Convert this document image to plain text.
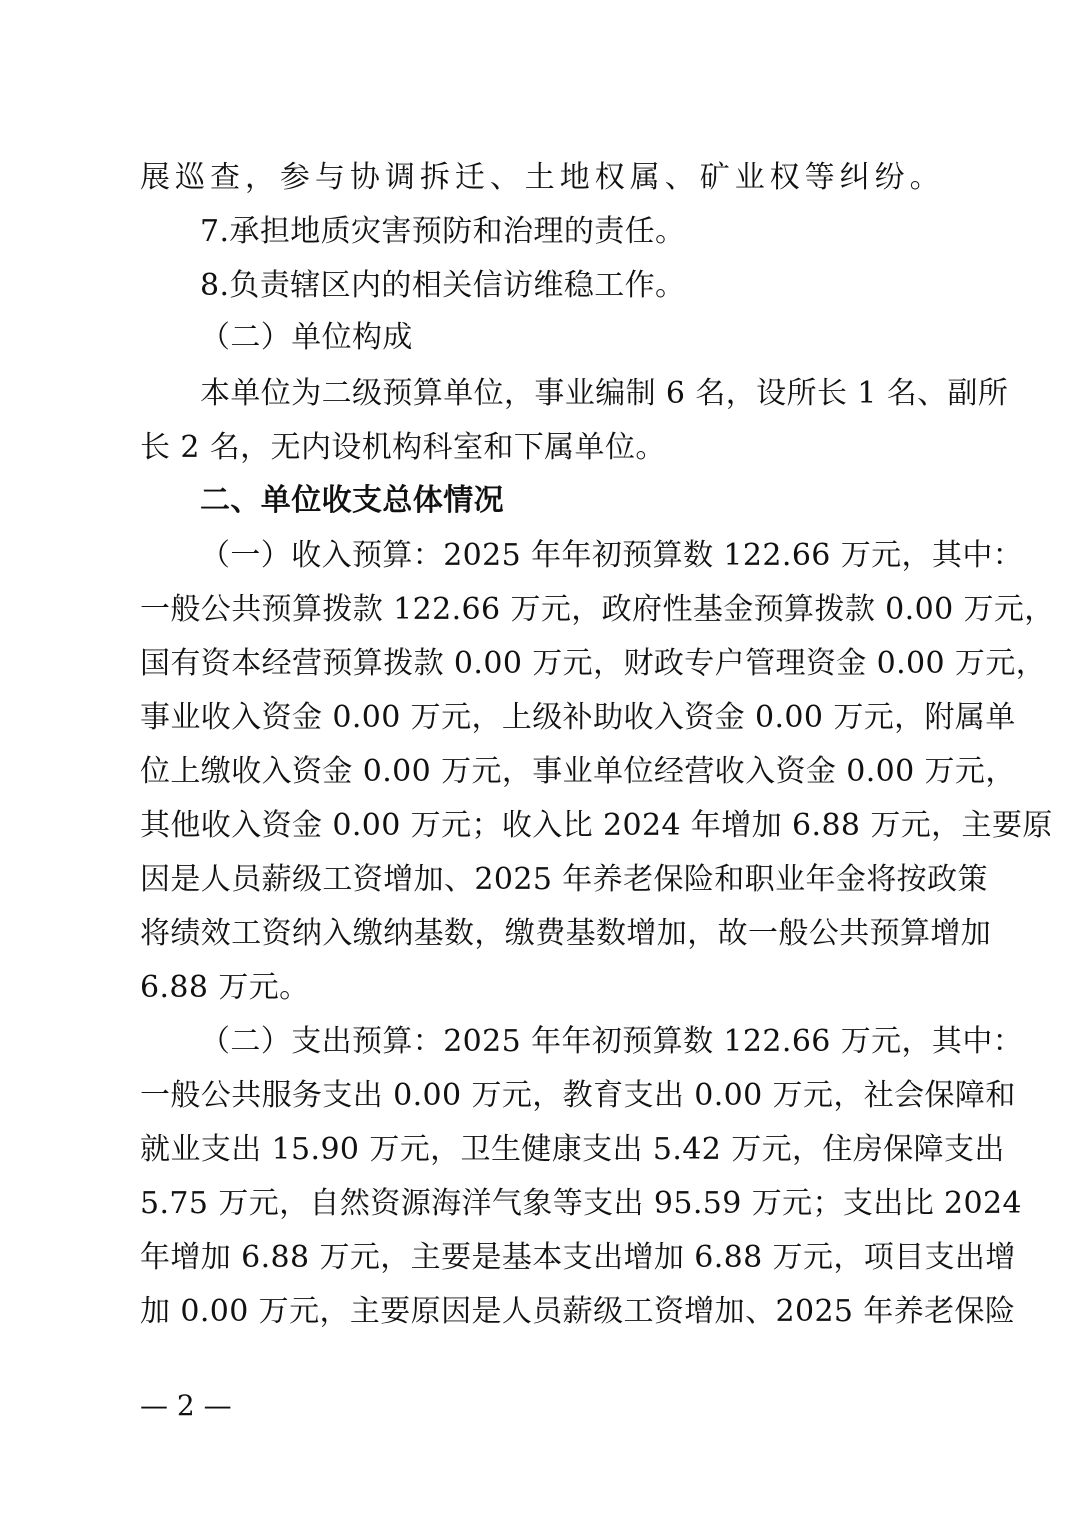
展巡查，参与协调拆迁、土地权属、矿业权等纠纷。
7.承担地质灾害预防和治理的责任。
8.负责辖区内的相关信访维稳工作。
（二）单位构成
本单位为二级预算单位，事业编制 6 名，设所长 1 名、副所
长 2 名，无内设机构科室和下属单位。
二、单位收支总体情况
（一）收入预算：2025 年年初预算数 122.66 万元，其中：
一般公共预算拨款 122.66 万元，政府性基金预算拨款 0.00 万元，
国有资本经营预算拨款 0.00 万元，财政专户管理资金 0.00 万元，
事业收入资金 0.00 万元，上级补助收入资金 0.00 万元，附属单
位上缴收入资金 0.00 万元，事业单位经营收入资金 0.00 万元，
其他收入资金 0.00 万元；收入比 2024 年增加 6.88 万元，主要原
因是人员薪级工资增加、2025 年养老保险和职业年金将按政策
将绩效工资纳入缴纳基数，缴费基数增加，故一般公共预算增加
6.88 万元。
（二）支出预算：2025 年年初预算数 122.66 万元，其中：
一般公共服务支出 0.00 万元，教育支出 0.00 万元，社会保障和
就业支出 15.90 万元，卫生健康支出 5.42 万元，住房保障支出
5.75 万元，自然资源海洋气象等支出 95.59 万元；支出比 2024
年增加 6.88 万元，主要是基本支出增加 6.88 万元，项目支出增
加 0.00 万元，主要原因是人员薪级工资增加、2025 年养老保险
— 2 —
